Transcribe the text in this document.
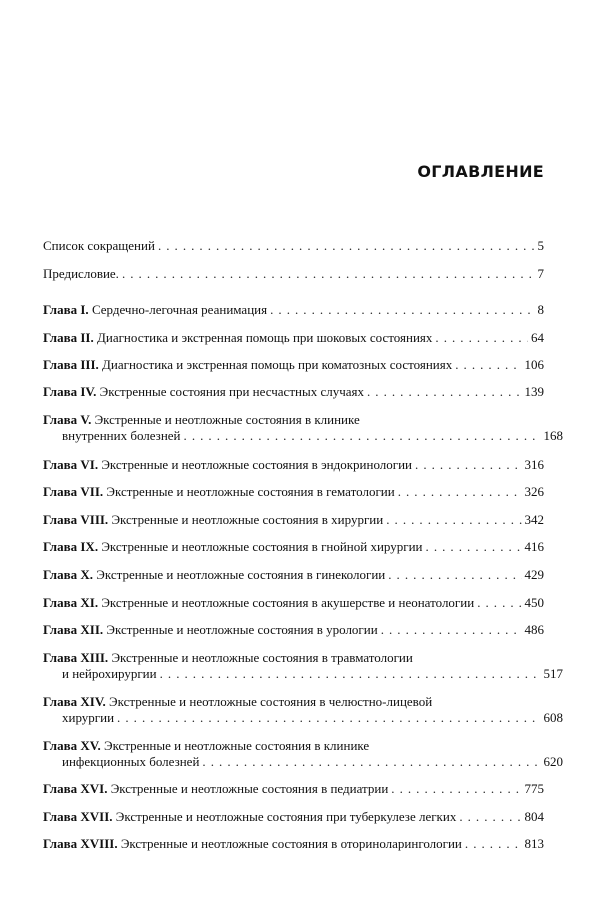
ОГЛАВЛЕНИЕ
Список сокращений . . .	5
Предисловие. . . .	7
Глава I. Сердечно-легочная реанимация . . .	8
Глава II. Диагностика и экстренная помощь при шоковых состояниях . . .	64
Глава III. Диагностика и экстренная помощь при коматозных состояниях . . .	106
Глава IV. Экстренные состояния при несчастных случаях . . .	139
Глава V. Экстренные и неотложные состояния в клинике
внутренних болезней . . .	168
Глава VI. Экстренные и неотложные состояния в эндокринологии . . .	316
Глава VII. Экстренные и неотложные состояния в гематологии . . .	326
Глава VIII. Экстренные и неотложные состояния в хирургии . . .	342
Глава IX. Экстренные и неотложные состояния в гнойной хирургии . . .	416
Глава X. Экстренные и неотложные состояния в гинекологии . . .	429
Глава XI. Экстренные и неотложные состояния в акушерстве и неонатологии . . .	450
Глава XII. Экстренные и неотложные состояния в урологии . . .	486
Глава XIII. Экстренные и неотложные состояния в травматологии
и нейрохирургии . . .	517
Глава XIV. Экстренные и неотложные состояния в челюстно-лицевой
хирургии . . .	608
Глава XV. Экстренные и неотложные состояния в клинике
инфекционных болезней . . .	620
Глава XVI. Экстренные и неотложные состояния в педиатрии . . .	775
Глава XVII. Экстренные и неотложные состояния при туберкулезе легких . . .	804
Глава XVIII. Экстренные и неотложные состояния в оториноларингологии . . .	813
